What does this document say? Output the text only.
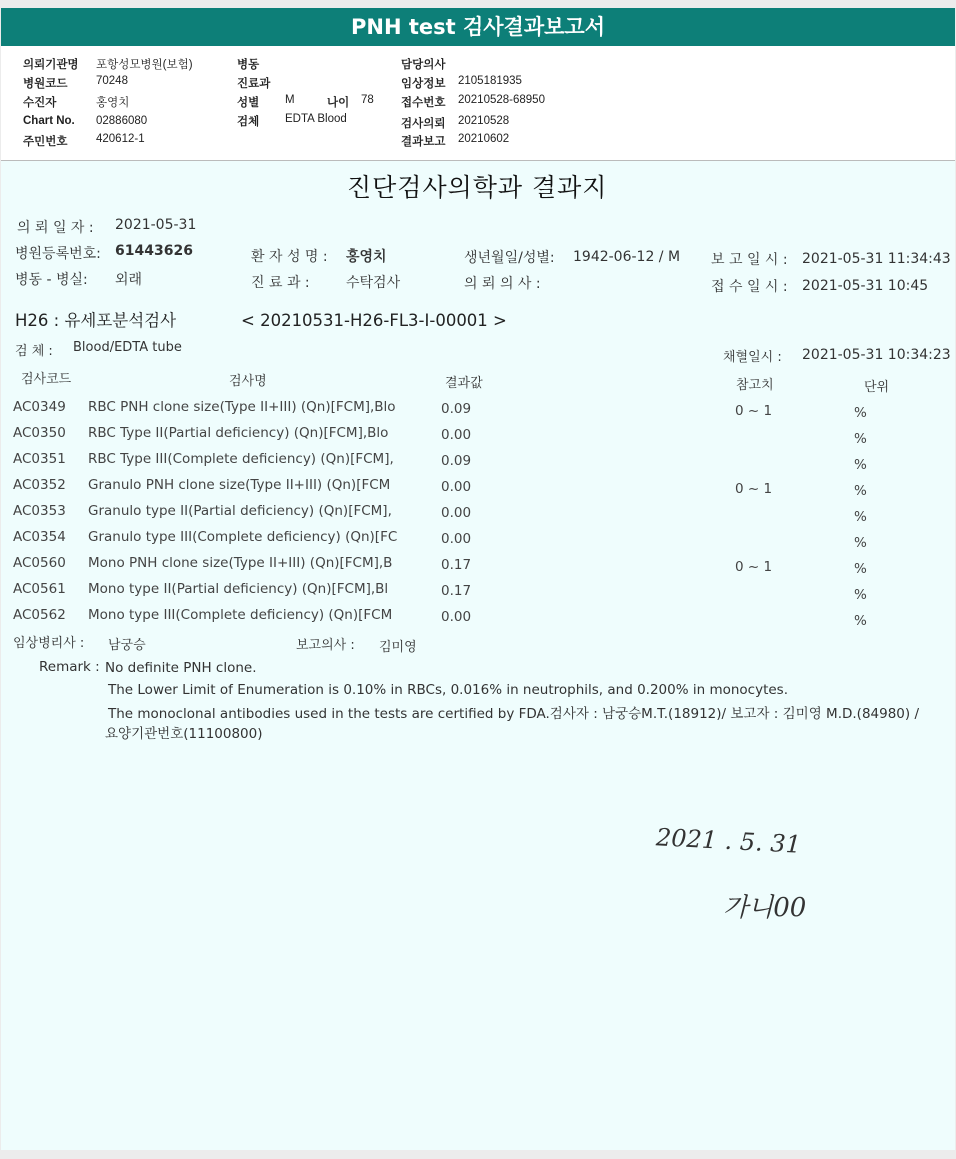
PNH test 검사결과보고서
의뢰기관명 포항성모병원(보험)
병원코드 70248
수진자	홍영치
Chart No. 02886080
주민번호 420612-1
병동
진료과
성별 M	나이 78
검체 EDTA Blood
담당의사
임상정보 2105181935
접수번호 20210528-68950
검사의뢰 20210528
결과보고 20210602
진단검사의학과 결과지
의 뢰 일 자 : 2021-05-31
병원등록번호: 61443626	환 자 성 명 : 홍영치	생년월일/성별: 1942-06-12 / M 보 고 일 시 : 2021-05-31 11:34:43
병동 - 병실: 외래	진 료 과 :	수탁검사	의 뢰 의 사 :	접 수 일 시 : 2021-05-31 10:45
H26 : 유세포분석검사	< 20210531-H26-FL3-I-00001 >
검 체 : Blood/EDTA tube
채혈일시 : 2021-05-31 10:34:23
검사코드	검사명	결과값	참고치	단위
AC0349 RBC PNH clone size(Type II+III) (Qn)[FCM],Blo	0.09	0 ~ 1	%
AC0350 RBC Type II(Partial deficiency) (Qn)[FCM],Blo	0.00	%
AC0351 RBC Type III(Complete deficiency) (Qn)[FCM],	0.09	%
AC0352 Granulo PNH clone size(Type II+III) (Qn)[FCM	0.00	0 ~ 1	%
AC0353 Granulo type II(Partial deficiency) (Qn)[FCM],	0.00	%
AC0354 Granulo type III(Complete deficiency) (Qn)[FC	0.00	%
AC0560 Mono PNH clone size(Type II+III) (Qn)[FCM],B	0.17	0 ~ 1	%
AC0561 Mono type II(Partial deficiency) (Qn)[FCM],Bl	0.17	%
AC0562 Mono type III(Complete deficiency) (Qn)[FCM	0.00	%
임상병리사 : 남궁승	보고의사 : 김미영
Remark : No definite PNH clone.
The Lower Limit of Enumeration is 0.10% in RBCs, 0.016% in neutrophils, and 0.200% in monocytes.
The monoclonal antibodies used in the tests are certified by FDA.검사자 : 남궁승M.T.(18912)/ 보고자 : 김미영 M.D.(84980) /
요양기관번호(11100800)
2021 . 5. 31
가니00
